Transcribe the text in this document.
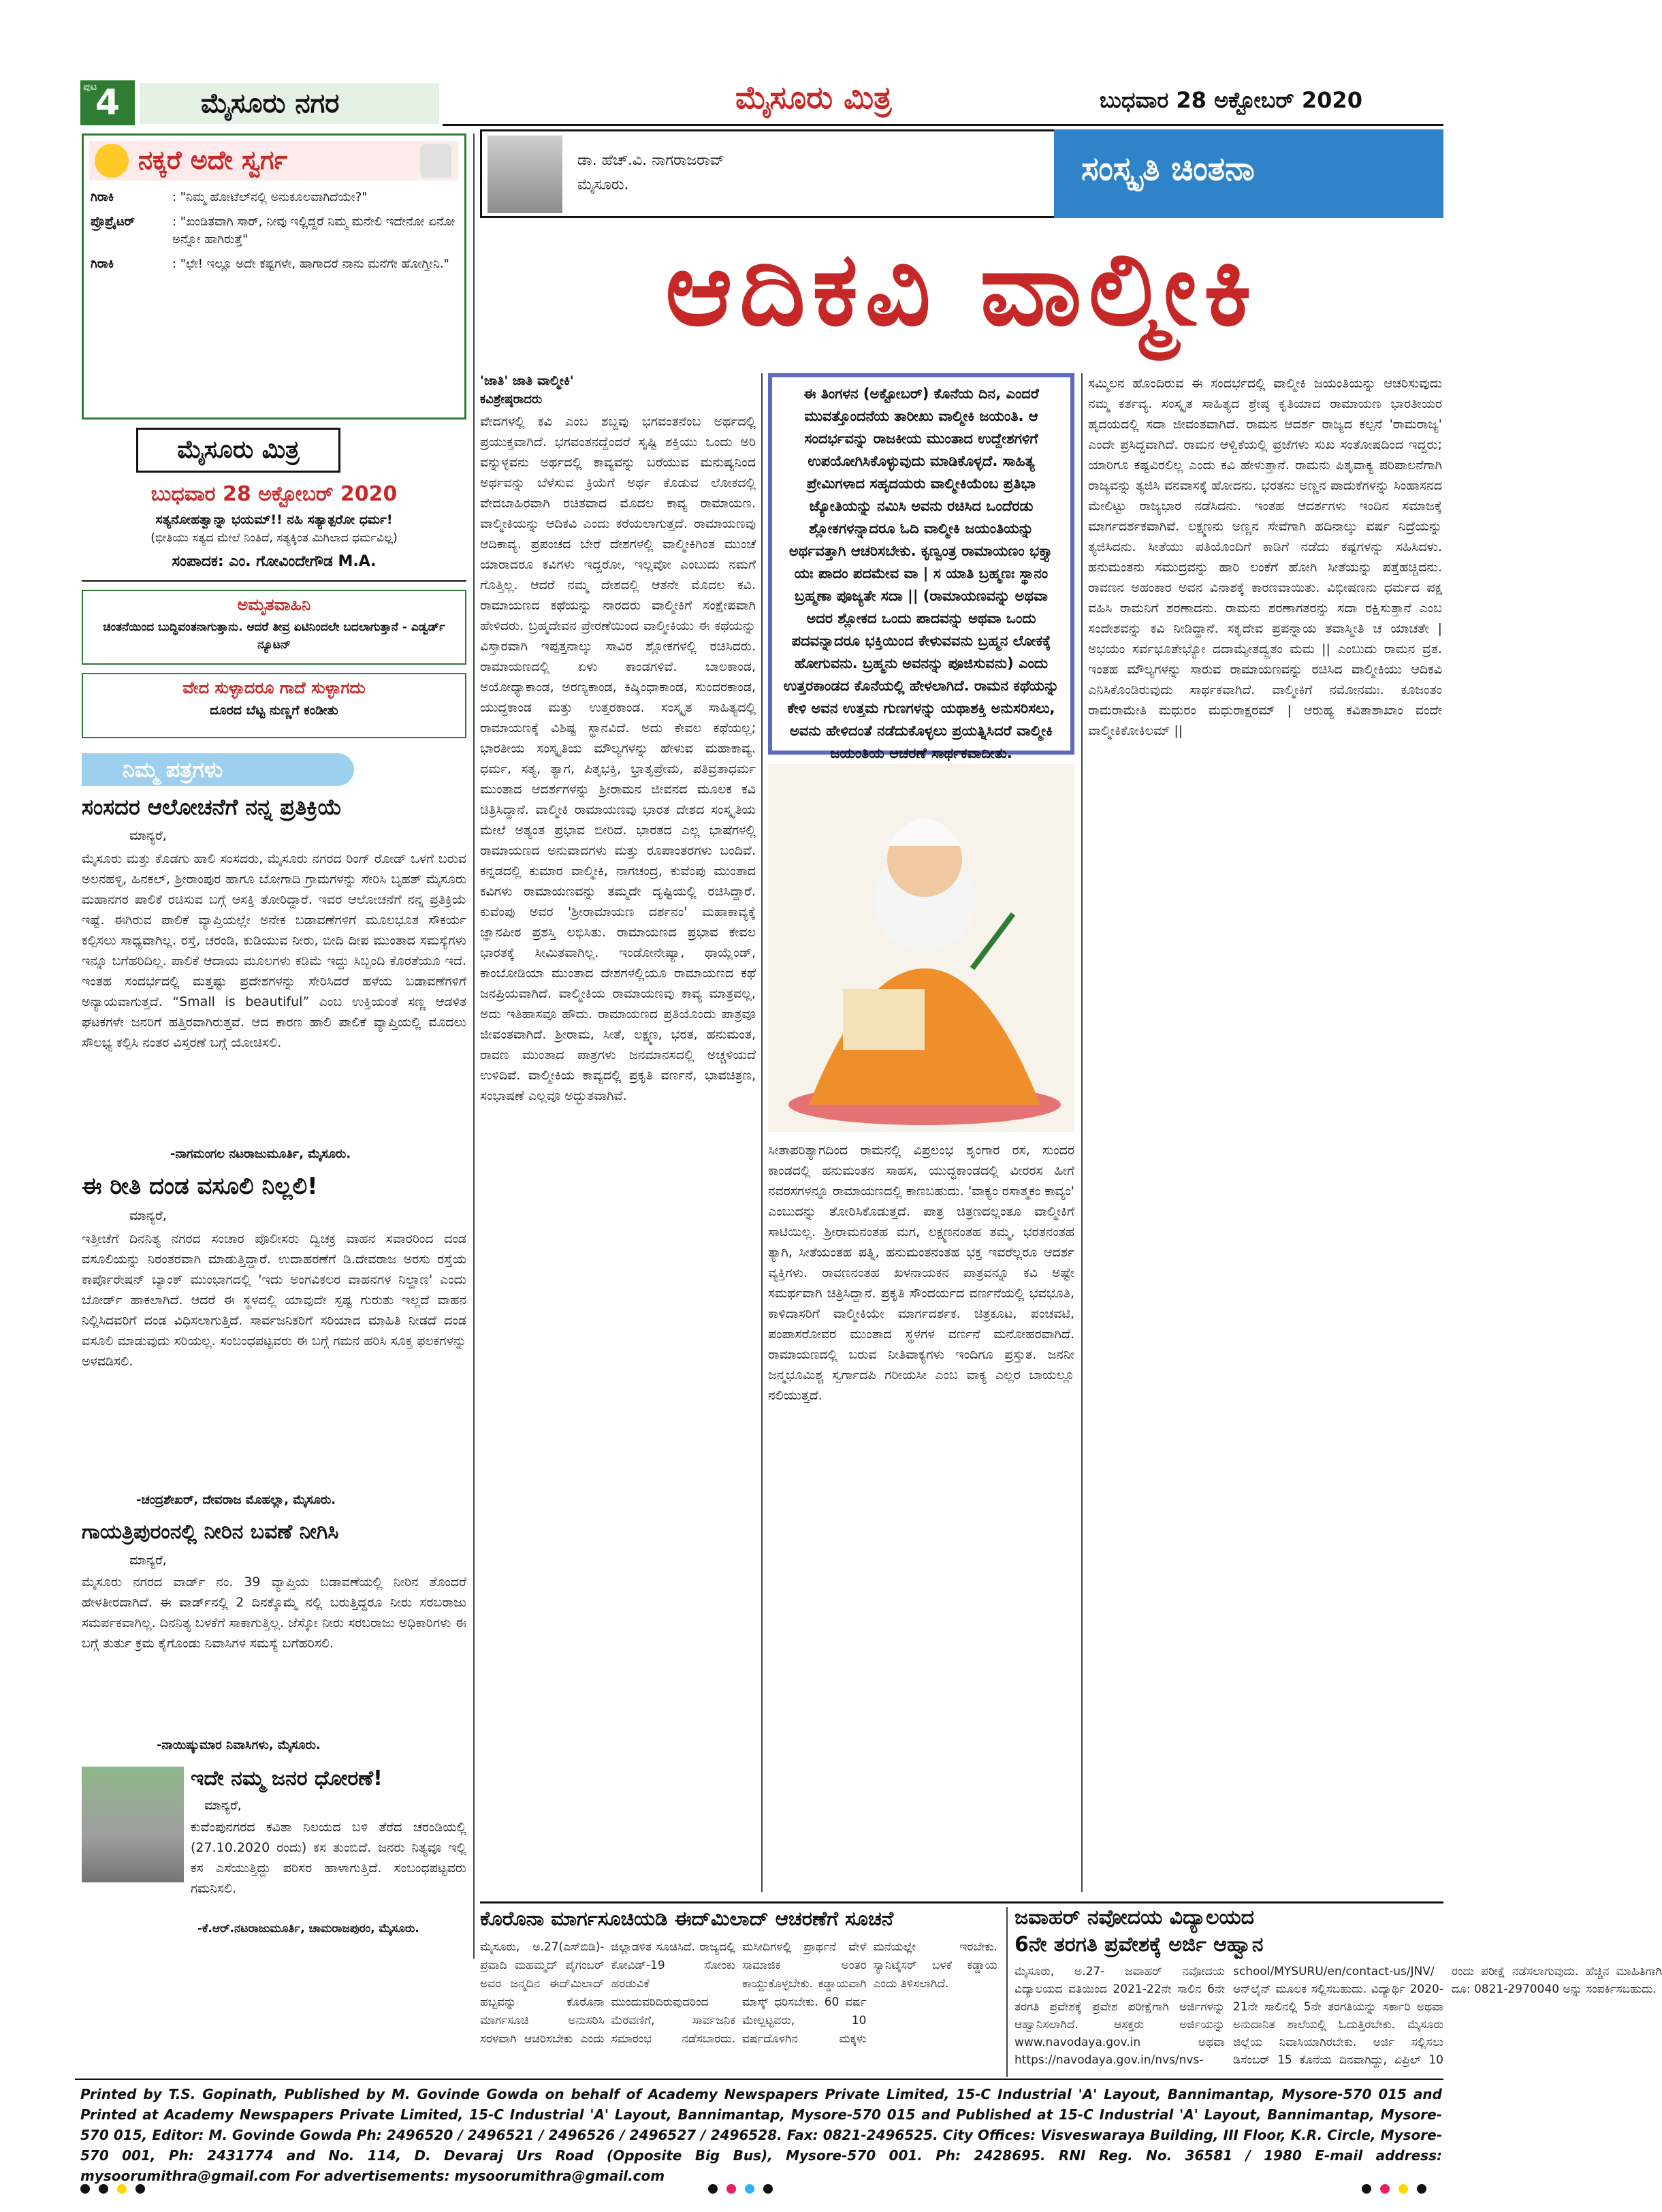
ಪುಟ
4	ಮೈಸೂರು ನಗರ	ಮೈಸೂರು ಮಿತ್ರ	ಬುಧವಾರ 28 ಅಕ್ಟೋಬರ್ 2020
ನಕ್ಕರೆ ಅದೇ ಸ್ವರ್ಗ
ಗಿರಾಕಿ	: "ನಿಮ್ಮ ಹೋಟೆಲ್‌ನಲ್ಲಿ ಅನುಕೂಲವಾಗಿದೆಯೇ?"
ಪ್ರೊಪ್ರೈಟರ್	: "ಖಂಡಿತವಾಗಿ ಸಾರ್, ನೀವು ಇಲ್ಲಿದ್ದರೆ ನಿಮ್ಮ ಮನೇಲಿ ಇದೇನೋ ಏನೋ ಅನ್ನೋ ಹಾಗಿರುತ್ತೆ"
ಗಿರಾಕಿ	: "ಛೇ! ಇಲ್ಲೂ ಅದೇ ಕಷ್ಟಗಳೇ, ಹಾಗಾದರೆ ನಾನು ಮನೆಗೇ ಹೋಗ್ತೀನಿ."
ಮೈಸೂರು ಮಿತ್ರ
ಬುಧವಾರ 28 ಅಕ್ಟೋಬರ್ 2020
ಸತ್ಯನೋಹತ್ವಾನ್ನಾ ಭಯಮ್!! ನಹಿ ಸತ್ಯಾತ್ಪರೋ ಧರ್ಮ!
(ಭೀತಿಯು ಸತ್ಯದ ಮೇಲೆ ನಿಂತಿದೆ, ಸತ್ಯಕ್ಕಿಂತ ಮಿಗಿಲಾದ ಧರ್ಮವಿಲ್ಲ)
ಸಂಪಾದಕ: ಎಂ. ಗೋವಿಂದೇಗೌಡ M.A.
ಅಮೃತವಾಹಿನಿ
ಚಿಂತನೆಯಿಂದ ಬುದ್ಧಿವಂತನಾಗುತ್ತಾನು. ಆದರೆ ತೀವ್ರ ಏಟಿನಿಂದಲೇ ಬದಲಾಗುತ್ತಾನೆ - ಎಡ್ವರ್ಡ್ ನ್ಯೂಟನ್
ವೇದ ಸುಳ್ಳಾದರೂ ಗಾದೆ ಸುಳ್ಳಾಗದು
ದೂರದ ಬೆಟ್ಟ ನುಣ್ಣಗೆ ಕಂಡೀತು
ನಿಮ್ಮ ಪತ್ರಗಳು
ಸಂಸದರ ಆಲೋಚನೆಗೆ ನನ್ನ ಪ್ರತಿಕ್ರಿಯೆ
ಮಾನ್ಯರೆ,
ಮೈಸೂರು ಮತ್ತು ಕೊಡಗು ಹಾಲಿ ಸಂಸದರು, ಮೈಸೂರು ನಗರದ ರಿಂಗ್ ರೋಡ್ ಒಳಗೆ ಬರುವ ಅಲನಹಳ್ಳಿ, ಹಿನಕಲ್, ಶ್ರೀರಾಂಪುರ ಹಾಗೂ ಬೋಗಾದಿ ಗ್ರಾಮಗಳನ್ನು ಸೇರಿಸಿ ಬೃಹತ್ ಮೈಸೂರು ಮಹಾನಗರ ಪಾಲಿಕೆ ರಚಿಸುವ ಬಗ್ಗೆ ಆಸಕ್ತಿ ತೋರಿದ್ದಾರೆ. ಇವರ ಆಲೋಚನೆಗೆ ನನ್ನ ಪ್ರತಿಕ್ರಿಯೆ ಇಷ್ಟೆ. ಈಗಿರುವ ಪಾಲಿಕೆ ವ್ಯಾಪ್ತಿಯಲ್ಲೇ ಅನೇಕ ಬಡಾವಣೆಗಳಿಗೆ ಮೂಲಭೂತ ಸೌಕರ್ಯ ಕಲ್ಪಿಸಲು ಸಾಧ್ಯವಾಗಿಲ್ಲ. ರಸ್ತೆ, ಚರಂಡಿ, ಕುಡಿಯುವ ನೀರು, ಬೀದಿ ದೀಪ ಮುಂತಾದ ಸಮಸ್ಯೆಗಳು ಇನ್ನೂ ಬಗೆಹರಿದಿಲ್ಲ. ಪಾಲಿಕೆ ಆದಾಯ ಮೂಲಗಳು ಕಡಿಮೆ ಇದ್ದು ಸಿಬ್ಬಂದಿ ಕೊರತೆಯೂ ಇದೆ. ಇಂತಹ ಸಂದರ್ಭದಲ್ಲಿ ಮತ್ತಷ್ಟು ಪ್ರದೇಶಗಳನ್ನು ಸೇರಿಸಿದರೆ ಹಳೆಯ ಬಡಾವಣೆಗಳಿಗೆ ಅನ್ಯಾಯವಾಗುತ್ತದೆ. “Small is beautiful” ಎಂಬ ಉಕ್ತಿಯಂತೆ ಸಣ್ಣ ಆಡಳಿತ ಘಟಕಗಳೇ ಜನರಿಗೆ ಹತ್ತಿರವಾಗಿರುತ್ತವೆ. ಆದ ಕಾರಣ ಹಾಲಿ ಪಾಲಿಕೆ ವ್ಯಾಪ್ತಿಯಲ್ಲಿ ಮೊದಲು ಸೌಲಭ್ಯ ಕಲ್ಪಿಸಿ ನಂತರ ವಿಸ್ತರಣೆ ಬಗ್ಗೆ ಯೋಚಿಸಲಿ.
-ನಾಗಮಂಗಲ ನಟರಾಜುಮೂರ್ತಿ, ಮೈಸೂರು.
ಈ ರೀತಿ ದಂಡ ವಸೂಲಿ ನಿಲ್ಲಲಿ!
ಮಾನ್ಯರೆ,
ಇತ್ತೀಚೆಗೆ ದಿನನಿತ್ಯ ನಗರದ ಸಂಚಾರ ಪೊಲೀಸರು ದ್ವಿಚಕ್ರ ವಾಹನ ಸವಾರರಿಂದ ದಂಡ ವಸೂಲಿಯನ್ನು ನಿರಂತರವಾಗಿ ಮಾಡುತ್ತಿದ್ದಾರೆ. ಉದಾಹರಣೆಗೆ ಡಿ.ದೇವರಾಜ ಅರಸು ರಸ್ತೆಯ ಕಾರ್ಪೊರೇಷನ್ ಬ್ಯಾಂಕ್ ಮುಂಭಾಗದಲ್ಲಿ 'ಇದು ಅಂಗವಿಕಲರ ವಾಹನಗಳ ನಿಲ್ದಾಣ' ಎಂದು ಬೋರ್ಡ್ ಹಾಕಲಾಗಿದೆ. ಆದರೆ ಈ ಸ್ಥಳದಲ್ಲಿ ಯಾವುದೇ ಸ್ಪಷ್ಟ ಗುರುತು ಇಲ್ಲದೆ ವಾಹನ ನಿಲ್ಲಿಸಿದವರಿಗೆ ದಂಡ ವಿಧಿಸಲಾಗುತ್ತಿದೆ. ಸಾರ್ವಜನಿಕರಿಗೆ ಸರಿಯಾದ ಮಾಹಿತಿ ನೀಡದೆ ದಂಡ ವಸೂಲಿ ಮಾಡುವುದು ಸರಿಯಲ್ಲ. ಸಂಬಂಧಪಟ್ಟವರು ಈ ಬಗ್ಗೆ ಗಮನ ಹರಿಸಿ ಸೂಕ್ತ ಫಲಕಗಳನ್ನು ಅಳವಡಿಸಲಿ.
-ಚಂದ್ರಶೇಖರ್, ದೇವರಾಜ ಮೊಹಲ್ಲಾ, ಮೈಸೂರು.
ಗಾಯತ್ರಿಪುರಂನಲ್ಲಿ ನೀರಿನ ಬವಣೆ ನೀಗಿಸಿ
ಮಾನ್ಯರೆ,
ಮೈಸೂರು ನಗರದ ವಾರ್ಡ್ ನಂ. 39 ವ್ಯಾಪ್ತಿಯ ಬಡಾವಣೆಯಲ್ಲಿ ನೀರಿನ ತೊಂದರೆ ಹೇಳತೀರದಾಗಿದೆ. ಈ ವಾರ್ಡ್‌ನಲ್ಲಿ 2 ದಿನಕ್ಕೊಮ್ಮೆ ನಲ್ಲಿ ಬರುತ್ತಿದ್ದರೂ ನೀರು ಸರಬರಾಜು ಸಮರ್ಪಕವಾಗಿಲ್ಲ. ದಿನನಿತ್ಯ ಬಳಕೆಗೆ ಸಾಕಾಗುತ್ತಿಲ್ಲ. ಜೆಸ್ಕೋ ನೀರು ಸರಬರಾಜು ಅಧಿಕಾರಿಗಳು ಈ ಬಗ್ಗೆ ತುರ್ತು ಕ್ರಮ ಕೈಗೊಂಡು ನಿವಾಸಿಗಳ ಸಮಸ್ಯೆ ಬಗೆಹರಿಸಲಿ.
-ನಾಯಿಷ್ಕುಮಾರ ನಿವಾಸಿಗಳು, ಮೈಸೂರು.
ಇದೇ ನಮ್ಮ ಜನರ ಧೋರಣೆ!
ಮಾನ್ಯರೆ,
ಕುವೆಂಪುನಗರದ ಕವಿತಾ ನಿಲಯದ ಬಳಿ ತೆರೆದ ಚರಂಡಿಯಲ್ಲಿ (27.10.2020 ರಂದು) ಕಸ ತುಂಬಿದೆ. ಜನರು ನಿತ್ಯವೂ ಇಲ್ಲಿ ಕಸ ಎಸೆಯುತ್ತಿದ್ದು ಪರಿಸರ ಹಾಳಾಗುತ್ತಿದೆ. ಸಂಬಂಧಪಟ್ಟವರು ಗಮನಿಸಲಿ.
-ಕೆ.ಆರ್.ನಟರಾಜುಮೂರ್ತಿ, ಚಾಮರಾಜಪುರಂ, ಮೈಸೂರು.
ಡಾ. ಹೆಚ್.ವಿ. ನಾಗರಾಜರಾವ್
ಮೈಸೂರು.	ಸಂಸ್ಕೃತಿ ಚಿಂತನಾ
ಆದಿಕವಿ ವಾಲ್ಮೀಕಿ
'ಜಾತಿ' ಜಾತಿ ವಾಲ್ಮೀಕಿ'
ಕವಿಶ್ರೇಷ್ಠರಾದರು
ವೇದಗಳಲ್ಲಿ ಕವಿ ಎಂಬ ಶಬ್ದವು ಭಗವಂತನೆಂಬ ಅರ್ಥದಲ್ಲಿ ಪ್ರಯುಕ್ತವಾಗಿದೆ. ಭಗವಂತನದ್ದೆಂದರೆ ಸೃಷ್ಟಿ ಶಕ್ತಿಯು ಒಂದು ಅರಿ ವನ್ನುಳ್ಳವನು ಅರ್ಥದಲ್ಲಿ ಕಾವ್ಯವನ್ನು ಬರೆಯುವ ಮನುಷ್ಯನಿಂದ ಅರ್ಥವನ್ನು ಬೆಳೆಸುವ ಕ್ರಿಯೆಗೆ ಅರ್ಥ ಕೊಡುವ ಲೋಕದಲ್ಲಿ ವೇದಬಾಹಿರವಾಗಿ ರಚಿತವಾದ ಮೊದಲ ಕಾವ್ಯ ರಾಮಾಯಣ. ವಾಲ್ಮೀಕಿಯನ್ನು ಆದಿಕವಿ ಎಂದು ಕರೆಯಲಾಗುತ್ತದೆ. ರಾಮಾಯಣವು ಆದಿಕಾವ್ಯ. ಪ್ರಪಂಚದ ಬೇರೆ ದೇಶಗಳಲ್ಲಿ ವಾಲ್ಮೀಕಿಗಿಂತ ಮುಂಚೆ ಯಾರಾದರೂ ಕವಿಗಳು ಇದ್ದರೋ, ಇಲ್ಲವೋ ಎಂಬುದು ನಮಗೆ ಗೊತ್ತಿಲ್ಲ. ಆದರೆ ನಮ್ಮ ದೇಶದಲ್ಲಿ ಆತನೇ ಮೊದಲ ಕವಿ. ರಾಮಾಯಣದ ಕಥೆಯನ್ನು ನಾರದರು ವಾಲ್ಮೀಕಿಗೆ ಸಂಕ್ಷೇಪವಾಗಿ ಹೇಳಿದರು. ಬ್ರಹ್ಮದೇವನ ಪ್ರೇರಣೆಯಿಂದ ವಾಲ್ಮೀಕಿಯು ಈ ಕಥೆಯನ್ನು ವಿಸ್ತಾರವಾಗಿ ಇಪ್ಪತ್ತನಾಲ್ಕು ಸಾವಿರ ಶ್ಲೋಕಗಳಲ್ಲಿ ರಚಿಸಿದರು. ರಾಮಾಯಣದಲ್ಲಿ ಏಳು ಕಾಂಡಗಳಿವೆ. ಬಾಲಕಾಂಡ, ಅಯೋಧ್ಯಾಕಾಂಡ, ಅರಣ್ಯಕಾಂಡ, ಕಿಷ್ಕಿಂಧಾಕಾಂಡ, ಸುಂದರಕಾಂಡ, ಯುದ್ಧಕಾಂಡ ಮತ್ತು ಉತ್ತರಕಾಂಡ. ಸಂಸ್ಕೃತ ಸಾಹಿತ್ಯದಲ್ಲಿ ರಾಮಾಯಣಕ್ಕೆ ವಿಶಿಷ್ಟ ಸ್ಥಾನವಿದೆ. ಅದು ಕೇವಲ ಕಥೆಯಲ್ಲ; ಭಾರತೀಯ ಸಂಸ್ಕೃತಿಯ ಮೌಲ್ಯಗಳನ್ನು ಹೇಳುವ ಮಹಾಕಾವ್ಯ. ಧರ್ಮ, ಸತ್ಯ, ತ್ಯಾಗ, ಪಿತೃಭಕ್ತಿ, ಭ್ರಾತೃಪ್ರೇಮ, ಪತಿವ್ರತಾಧರ್ಮ ಮುಂತಾದ ಆದರ್ಶಗಳನ್ನು ಶ್ರೀರಾಮನ ಜೀವನದ ಮೂಲಕ ಕವಿ ಚಿತ್ರಿಸಿದ್ದಾನೆ. ವಾಲ್ಮೀಕಿ ರಾಮಾಯಣವು ಭಾರತ ದೇಶದ ಸಂಸ್ಕೃತಿಯ ಮೇಲೆ ಅತ್ಯಂತ ಪ್ರಭಾವ ಬೀರಿದೆ. ಭಾರತದ ಎಲ್ಲ ಭಾಷೆಗಳಲ್ಲಿ ರಾಮಾಯಣದ ಅನುವಾದಗಳು ಮತ್ತು ರೂಪಾಂತರಗಳು ಬಂದಿವೆ. ಕನ್ನಡದಲ್ಲಿ ಕುಮಾರ ವಾಲ್ಮೀಕಿ, ನಾಗಚಂದ್ರ, ಕುವೆಂಪು ಮುಂತಾದ ಕವಿಗಳು ರಾಮಾಯಣವನ್ನು ತಮ್ಮದೇ ದೃಷ್ಟಿಯಲ್ಲಿ ರಚಿಸಿದ್ದಾರೆ. ಕುವೆಂಪು ಅವರ 'ಶ್ರೀರಾಮಾಯಣ ದರ್ಶನಂ' ಮಹಾಕಾವ್ಯಕ್ಕೆ ಜ್ಞಾನಪೀಠ ಪ್ರಶಸ್ತಿ ಲಭಿಸಿತು. ರಾಮಾಯಣದ ಪ್ರಭಾವ ಕೇವಲ ಭಾರತಕ್ಕೆ ಸೀಮಿತವಾಗಿಲ್ಲ. ಇಂಡೋನೇಷ್ಯಾ, ಥಾಯ್ಲೆಂಡ್, ಕಾಂಬೋಡಿಯಾ ಮುಂತಾದ ದೇಶಗಳಲ್ಲಿಯೂ ರಾಮಾಯಣದ ಕಥೆ ಜನಪ್ರಿಯವಾಗಿದೆ. ವಾಲ್ಮೀಕಿಯ ರಾಮಾಯಣವು ಕಾವ್ಯ ಮಾತ್ರವಲ್ಲ, ಅದು ಇತಿಹಾಸವೂ ಹೌದು. ರಾಮಾಯಣದ ಪ್ರತಿಯೊಂದು ಪಾತ್ರವೂ ಜೀವಂತವಾಗಿದೆ. ಶ್ರೀರಾಮ, ಸೀತೆ, ಲಕ್ಷ್ಮಣ, ಭರತ, ಹನುಮಂತ, ರಾವಣ ಮುಂತಾದ ಪಾತ್ರಗಳು ಜನಮಾನಸದಲ್ಲಿ ಅಚ್ಚಳಿಯದೆ ಉಳಿದಿವೆ. ವಾಲ್ಮೀಕಿಯ ಕಾವ್ಯದಲ್ಲಿ ಪ್ರಕೃತಿ ವರ್ಣನೆ, ಭಾವಚಿತ್ರಣ, ಸಂಭಾಷಣೆ ಎಲ್ಲವೂ ಅದ್ಭುತವಾಗಿವೆ.
ಈ ತಿಂಗಳನ (ಅಕ್ಟೋಬರ್) ಕೊನೆಯ ದಿನ, ಎಂದರೆ ಮುವತ್ತೊಂದನೆಯ ತಾರೀಖು ವಾಲ್ಮೀಕಿ ಜಯಂತಿ. ಆ ಸಂದರ್ಭವನ್ನು ರಾಜಕೀಯ ಮುಂತಾದ ಉದ್ದೇಶಗಳಿಗೆ ಉಪಯೋಗಿಸಿಕೊಳ್ಳುವುದು ಮಾಡಿಕೊಳ್ಳದೆ. ಸಾಹಿತ್ಯ ಪ್ರೇಮಿಗಳಾದ ಸಹೃದಯರು ವಾಲ್ಮೀಕಿಯೆಂಬ ಪ್ರತಿಭಾ ಜ್ಯೋತಿಯನ್ನು ನಮಿಸಿ ಅವನು ರಚಿಸಿದ ಒಂದೆರಡು ಶ್ಲೋಕಗಳನ್ನಾದರೂ ಓದಿ ವಾಲ್ಮೀಕಿ ಜಯಂತಿಯನ್ನು ಅರ್ಥವತ್ತಾಗಿ ಆಚರಿಸಬೇಕು. ಕೃಣ್ವಂತ್ರ ರಾಮಾಯಣಂ ಭಕ್ತ್ಯಾ ಯಃ ಪಾದಂ ಪದಮೇವ ವಾ | ಸ ಯಾತಿ ಬ್ರಹ್ಮಣಃ ಸ್ಥಾನಂ ಬ್ರಹ್ಮಣಾ ಪೂಜ್ಯತೇ ಸದಾ || (ರಾಮಾಯಣವನ್ನು ಅಥವಾ ಅದರ ಶ್ಲೋಕದ ಒಂದು ಪಾದವನ್ನು ಅಥವಾ ಒಂದು ಪದವನ್ನಾದರೂ ಭಕ್ತಿಯಿಂದ ಕೇಳುವವನು ಬ್ರಹ್ಮನ ಲೋಕಕ್ಕೆ ಹೋಗುವನು. ಬ್ರಹ್ಮನು ಅವನನ್ನು ಪೂಜಿಸುವನು) ಎಂದು ಉತ್ತರಕಾಂಡದ ಕೊನೆಯಲ್ಲಿ ಹೇಳಲಾಗಿದೆ. ರಾಮನ ಕಥೆಯನ್ನು ಕೇಳಿ ಅವನ ಉತ್ತಮ ಗುಣಗಳನ್ನು ಯಥಾಶಕ್ತಿ ಅನುಸರಿಸಲು, ಅವನು ಹೇಳಿದಂತೆ ನಡೆದುಕೊಳ್ಳಲು ಪ್ರಯತ್ನಿಸಿದರೆ ವಾಲ್ಮೀಕಿ ಜಯಂತಿಯ ಆಚರಣೆ ಸಾರ್ಥಕವಾದೀತು.
ಸೀತಾಪರಿತ್ಯಾಗದಿಂದ ರಾಮನಲ್ಲಿ ವಿಪ್ರಲಂಭ ಶೃಂಗಾರ ರಸ, ಸುಂದರ ಕಾಂಡದಲ್ಲಿ ಹನುಮಂತನ ಸಾಹಸ, ಯುದ್ಧಕಾಂಡದಲ್ಲಿ ವೀರರಸ ಹೀಗೆ ನವರಸಗಳನ್ನೂ ರಾಮಾಯಣದಲ್ಲಿ ಕಾಣಬಹುದು. 'ವಾಕ್ಯಂ ರಸಾತ್ಮಕಂ ಕಾವ್ಯಂ' ಎಂಬುದನ್ನು ತೋರಿಸಿಕೊಡುತ್ತದೆ. ಪಾತ್ರ ಚಿತ್ರಣದಲ್ಲಂತೂ ವಾಲ್ಮೀಕಿಗೆ ಸಾಟಿಯಿಲ್ಲ. ಶ್ರೀರಾಮನಂತಹ ಮಗ, ಲಕ್ಷ್ಮಣನಂತಹ ತಮ್ಮ, ಭರತನಂತಹ ತ್ಯಾಗಿ, ಸೀತೆಯಂತಹ ಪತ್ನಿ, ಹನುಮಂತನಂತಹ ಭಕ್ತ ಇವರೆಲ್ಲರೂ ಆದರ್ಶ ವ್ಯಕ್ತಿಗಳು. ರಾವಣನಂತಹ ಖಳನಾಯಕನ ಪಾತ್ರವನ್ನೂ ಕವಿ ಅಷ್ಟೇ ಸಮರ್ಥವಾಗಿ ಚಿತ್ರಿಸಿದ್ದಾನೆ. ಪ್ರಕೃತಿ ಸೌಂದರ್ಯದ ವರ್ಣನೆಯಲ್ಲಿ ಭವಭೂತಿ, ಕಾಳಿದಾಸರಿಗೆ ವಾಲ್ಮೀಕಿಯೇ ಮಾರ್ಗದರ್ಶಕ. ಚಿತ್ರಕೂಟ, ಪಂಚವಟಿ, ಪಂಪಾಸರೋವರ ಮುಂತಾದ ಸ್ಥಳಗಳ ವರ್ಣನೆ ಮನೋಹರವಾಗಿದೆ. ರಾಮಾಯಣದಲ್ಲಿ ಬರುವ ನೀತಿವಾಕ್ಯಗಳು ಇಂದಿಗೂ ಪ್ರಸ್ತುತ. ಜನನೀ ಜನ್ಮಭೂಮಿಶ್ಚ ಸ್ವರ್ಗಾದಪಿ ಗರೀಯಸೀ ಎಂಬ ವಾಕ್ಯ ಎಲ್ಲರ ಬಾಯಲ್ಲೂ ನಲಿಯುತ್ತದೆ.
ಸಮ್ಮಿಲನ ಹೊಂದಿರುವ ಈ ಸಂದರ್ಭದಲ್ಲಿ ವಾಲ್ಮೀಕಿ ಜಯಂತಿಯನ್ನು ಆಚರಿಸುವುದು ನಮ್ಮ ಕರ್ತವ್ಯ. ಸಂಸ್ಕೃತ ಸಾಹಿತ್ಯದ ಶ್ರೇಷ್ಠ ಕೃತಿಯಾದ ರಾಮಾಯಣ ಭಾರತೀಯರ ಹೃದಯದಲ್ಲಿ ಸದಾ ಜೀವಂತವಾಗಿದೆ. ರಾಮನ ಆದರ್ಶ ರಾಜ್ಯದ ಕಲ್ಪನೆ 'ರಾಮರಾಜ್ಯ' ಎಂದೇ ಪ್ರಸಿದ್ಧವಾಗಿದೆ. ರಾಮನ ಆಳ್ವಿಕೆಯಲ್ಲಿ ಪ್ರಜೆಗಳು ಸುಖ ಸಂತೋಷದಿಂದ ಇದ್ದರು; ಯಾರಿಗೂ ಕಷ್ಟವಿರಲಿಲ್ಲ ಎಂದು ಕವಿ ಹೇಳುತ್ತಾನೆ. ರಾಮನು ಪಿತೃವಾಕ್ಯ ಪರಿಪಾಲನೆಗಾಗಿ ರಾಜ್ಯವನ್ನು ತ್ಯಜಿಸಿ ವನವಾಸಕ್ಕೆ ಹೋದನು. ಭರತನು ಅಣ್ಣನ ಪಾದುಕೆಗಳನ್ನು ಸಿಂಹಾಸನದ ಮೇಲಿಟ್ಟು ರಾಜ್ಯಭಾರ ನಡೆಸಿದನು. ಇಂತಹ ಆದರ್ಶಗಳು ಇಂದಿನ ಸಮಾಜಕ್ಕೆ ಮಾರ್ಗದರ್ಶಕವಾಗಿವೆ. ಲಕ್ಷ್ಮಣನು ಅಣ್ಣನ ಸೇವೆಗಾಗಿ ಹದಿನಾಲ್ಕು ವರ್ಷ ನಿದ್ರೆಯನ್ನು ತ್ಯಜಿಸಿದನು. ಸೀತೆಯು ಪತಿಯೊಂದಿಗೆ ಕಾಡಿಗೆ ನಡೆದು ಕಷ್ಟಗಳನ್ನು ಸಹಿಸಿದಳು. ಹನುಮಂತನು ಸಮುದ್ರವನ್ನು ಹಾರಿ ಲಂಕೆಗೆ ಹೋಗಿ ಸೀತೆಯನ್ನು ಪತ್ತೆಹಚ್ಚಿದನು. ರಾವಣನ ಅಹಂಕಾರ ಅವನ ವಿನಾಶಕ್ಕೆ ಕಾರಣವಾಯಿತು. ವಿಭೀಷಣನು ಧರ್ಮದ ಪಕ್ಷ ವಹಿಸಿ ರಾಮನಿಗೆ ಶರಣಾದನು. ರಾಮನು ಶರಣಾಗತರನ್ನು ಸದಾ ರಕ್ಷಿಸುತ್ತಾನೆ ಎಂಬ ಸಂದೇಶವನ್ನು ಕವಿ ನೀಡಿದ್ದಾನೆ. ಸಕೃದೇವ ಪ್ರಪನ್ನಾಯ ತವಾಸ್ಮೀತಿ ಚ ಯಾಚತೇ | ಅಭಯಂ ಸರ್ವಭೂತೇಭ್ಯೋ ದದಾಮ್ಯೇತದ್ವ್ರತಂ ಮಮ || ಎಂಬುದು ರಾಮನ ವ್ರತ. ಇಂತಹ ಮೌಲ್ಯಗಳನ್ನು ಸಾರುವ ರಾಮಾಯಣವನ್ನು ರಚಿಸಿದ ವಾಲ್ಮೀಕಿಯು ಆದಿಕವಿ ಎನಿಸಿಕೊಂಡಿರುವುದು ಸಾರ್ಥಕವಾಗಿದೆ. ವಾಲ್ಮೀಕಿಗೆ ನಮೋನಮಃ. ಕೂಜಂತಂ ರಾಮರಾಮೇತಿ ಮಧುರಂ ಮಧುರಾಕ್ಷರಮ್ | ಆರುಹ್ಯ ಕವಿತಾಶಾಖಾಂ ವಂದೇ ವಾಲ್ಮೀಕಿಕೋಕಿಲಮ್ ||
ಕೊರೊನಾ ಮಾರ್ಗಸೂಚಿಯಡಿ ಈದ್‌ಮಿಲಾದ್ ಆಚರಣೆಗೆ ಸೂಚನೆ
ಮೈಸೂರು, ಅ.27(ಎಸ್‌ಬಿಡಿ)- ಪ್ರವಾದಿ ಮಹಮ್ಮದ್ ಪೈಗಂಬರ್ ಅವರ ಜನ್ಮದಿನ ಈದ್‌ಮಿಲಾದ್ ಹಬ್ಬವನ್ನು ಕೊರೊನಾ ಮಾರ್ಗಸೂಚಿ ಅನುಸರಿಸಿ ಸರಳವಾಗಿ ಆಚರಿಸಬೇಕು ಎಂದು ಜಿಲ್ಲಾಡಳಿತ ಸೂಚಿಸಿದೆ. ರಾಜ್ಯದಲ್ಲಿ ಕೋವಿಡ್-19 ಸೋಂಕು ಹರಡುವಿಕೆ ಮುಂದುವರಿದಿರುವುದರಿಂದ ಮೆರವಣಿಗೆ, ಸಾರ್ವಜನಿಕ ಸಮಾರಂಭ ನಡೆಸಬಾರದು. ಮಸೀದಿಗಳಲ್ಲಿ ಪ್ರಾರ್ಥನೆ ವೇಳೆ ಸಾಮಾಜಿಕ ಅಂತರ ಕಾಯ್ದುಕೊಳ್ಳಬೇಕು. ಕಡ್ಡಾಯವಾಗಿ ಮಾಸ್ಕ್ ಧರಿಸಬೇಕು. 60 ವರ್ಷ ಮೇಲ್ಪಟ್ಟವರು, 10 ವರ್ಷದೊಳಗಿನ ಮಕ್ಕಳು ಮನೆಯಲ್ಲೇ ಇರಬೇಕು. ಸ್ಯಾನಿಟೈಸರ್ ಬಳಕೆ ಕಡ್ಡಾಯ ಎಂದು ತಿಳಿಸಲಾಗಿದೆ.
ಜವಾಹರ್ ನವೋದಯ ವಿದ್ಯಾಲಯದ
6ನೇ ತರಗತಿ ಪ್ರವೇಶಕ್ಕೆ ಅರ್ಜಿ ಆಹ್ವಾನ
ಮೈಸೂರು, ಅ.27- ಜವಾಹರ್ ನವೋದಯ ವಿದ್ಯಾಲಯದ ವತಿಯಿಂದ 2021-22ನೇ ಸಾಲಿನ 6ನೇ ತರಗತಿ ಪ್ರವೇಶಕ್ಕೆ ಪ್ರವೇಶ ಪರೀಕ್ಷೆಗಾಗಿ ಅರ್ಜಿಗಳನ್ನು ಆಹ್ವಾನಿಸಲಾಗಿದೆ. ಆಸಕ್ತರು ಅರ್ಜಿಯನ್ನು www.navodaya.gov.in ಅಥವಾ https://navodaya.gov.in/nvs/nvs-school/MYSURU/en/contact-us/JNV/ ಆನ್‌ಲೈನ್ ಮೂಲಕ ಸಲ್ಲಿಸಬಹುದು. ವಿದ್ಯಾರ್ಥಿ 2020-21ನೇ ಸಾಲಿನಲ್ಲಿ 5ನೇ ತರಗತಿಯನ್ನು ಸರ್ಕಾರಿ ಅಥವಾ ಅನುದಾನಿತ ಶಾಲೆಯಲ್ಲಿ ಓದುತ್ತಿರಬೇಕು. ಮೈಸೂರು ಜಿಲ್ಲೆಯ ನಿವಾಸಿಯಾಗಿರಬೇಕು. ಅರ್ಜಿ ಸಲ್ಲಿಸಲು ಡಿಸೆಂಬರ್ 15 ಕೊನೆಯ ದಿನವಾಗಿದ್ದು, ಏಪ್ರಿಲ್ 10 ರಂದು ಪರೀಕ್ಷೆ ನಡೆಸಲಾಗುವುದು. ಹೆಚ್ಚಿನ ಮಾಹಿತಿಗಾಗಿ ದೂ: 0821-2970040 ಅನ್ನು ಸಂಪರ್ಕಿಸಬಹುದು.
Printed by T.S. Gopinath, Published by M. Govinde Gowda on behalf of Academy Newspapers Private Limited, 15-C Industrial 'A' Layout, Bannimantap, Mysore-570 015 and Printed at Academy Newspapers Private Limited, 15-C Industrial 'A' Layout, Bannimantap, Mysore-570 015 and Published at 15-C Industrial 'A' Layout, Bannimantap, Mysore-570 015, Editor: M. Govinde Gowda Ph: 2496520 / 2496521 / 2496526 / 2496527 / 2496528. Fax: 0821-2496525. City Offices: Visveswaraya Building, III Floor, K.R. Circle, Mysore-570 001, Ph: 2431774 and No. 114, D. Devaraj Urs Road (Opposite Big Bus), Mysore-570 001. Ph: 2428695. RNI Reg. No. 36581 / 1980 E-mail address: mysoorumithra@gmail.com For advertisements: mysoorumithra@gmail.com
